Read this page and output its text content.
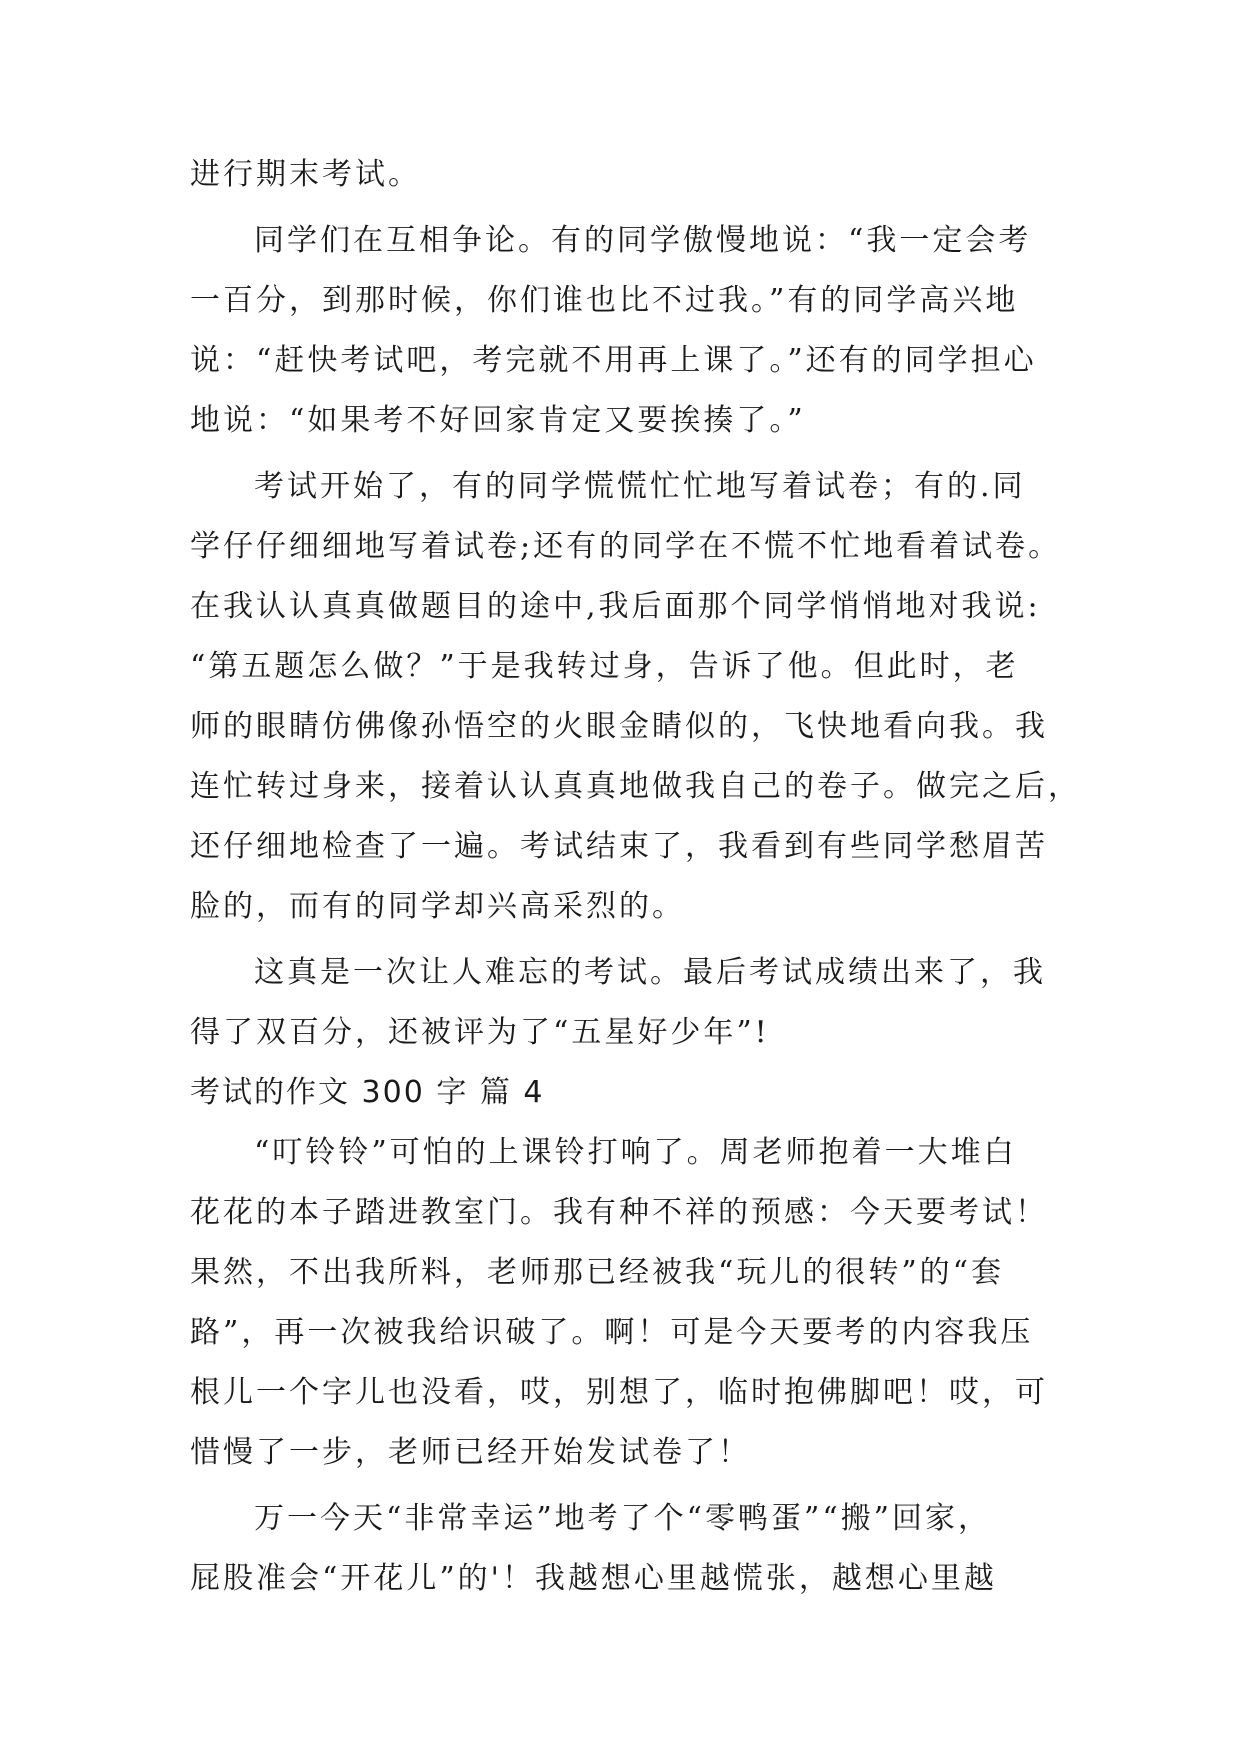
进行期末考试。
同学们在互相争论。有的同学傲慢地说：“我一定会考
一百分，到那时候，你们谁也比不过我。”有的同学高兴地
说：“赶快考试吧，考完就不用再上课了。”还有的同学担心
地说：“如果考不好回家肯定又要挨揍了。”
考试开始了，有的同学慌慌忙忙地写着试卷；有的.同
学仔仔细细地写着试卷;还有的同学在不慌不忙地看着试卷。
在我认认真真做题目的途中,我后面那个同学悄悄地对我说:
“第五题怎么做？”于是我转过身，告诉了他。但此时，老
师的眼睛仿佛像孙悟空的火眼金睛似的，飞快地看向我。我
连忙转过身来，接着认认真真地做我自己的卷子。做完之后，
还仔细地检查了一遍。考试结束了，我看到有些同学愁眉苦
脸的，而有的同学却兴高采烈的。
这真是一次让人难忘的考试。最后考试成绩出来了，我
得了双百分，还被评为了“五星好少年”!
考试的作文 300 字 篇 4
“叮铃铃”可怕的上课铃打响了。周老师抱着一大堆白
花花的本子踏进教室门。我有种不祥的预感：今天要考试！
果然，不出我所料，老师那已经被我“玩儿的很转”的“套
路”，再一次被我给识破了。啊！可是今天要考的内容我压
根儿一个字儿也没看，哎，别想了，临时抱佛脚吧！哎，可
惜慢了一步，老师已经开始发试卷了！
万一今天“非常幸运”地考了个“零鸭蛋”“搬”回家，
屁股准会“开花儿”的'！我越想心里越慌张，越想心里越
